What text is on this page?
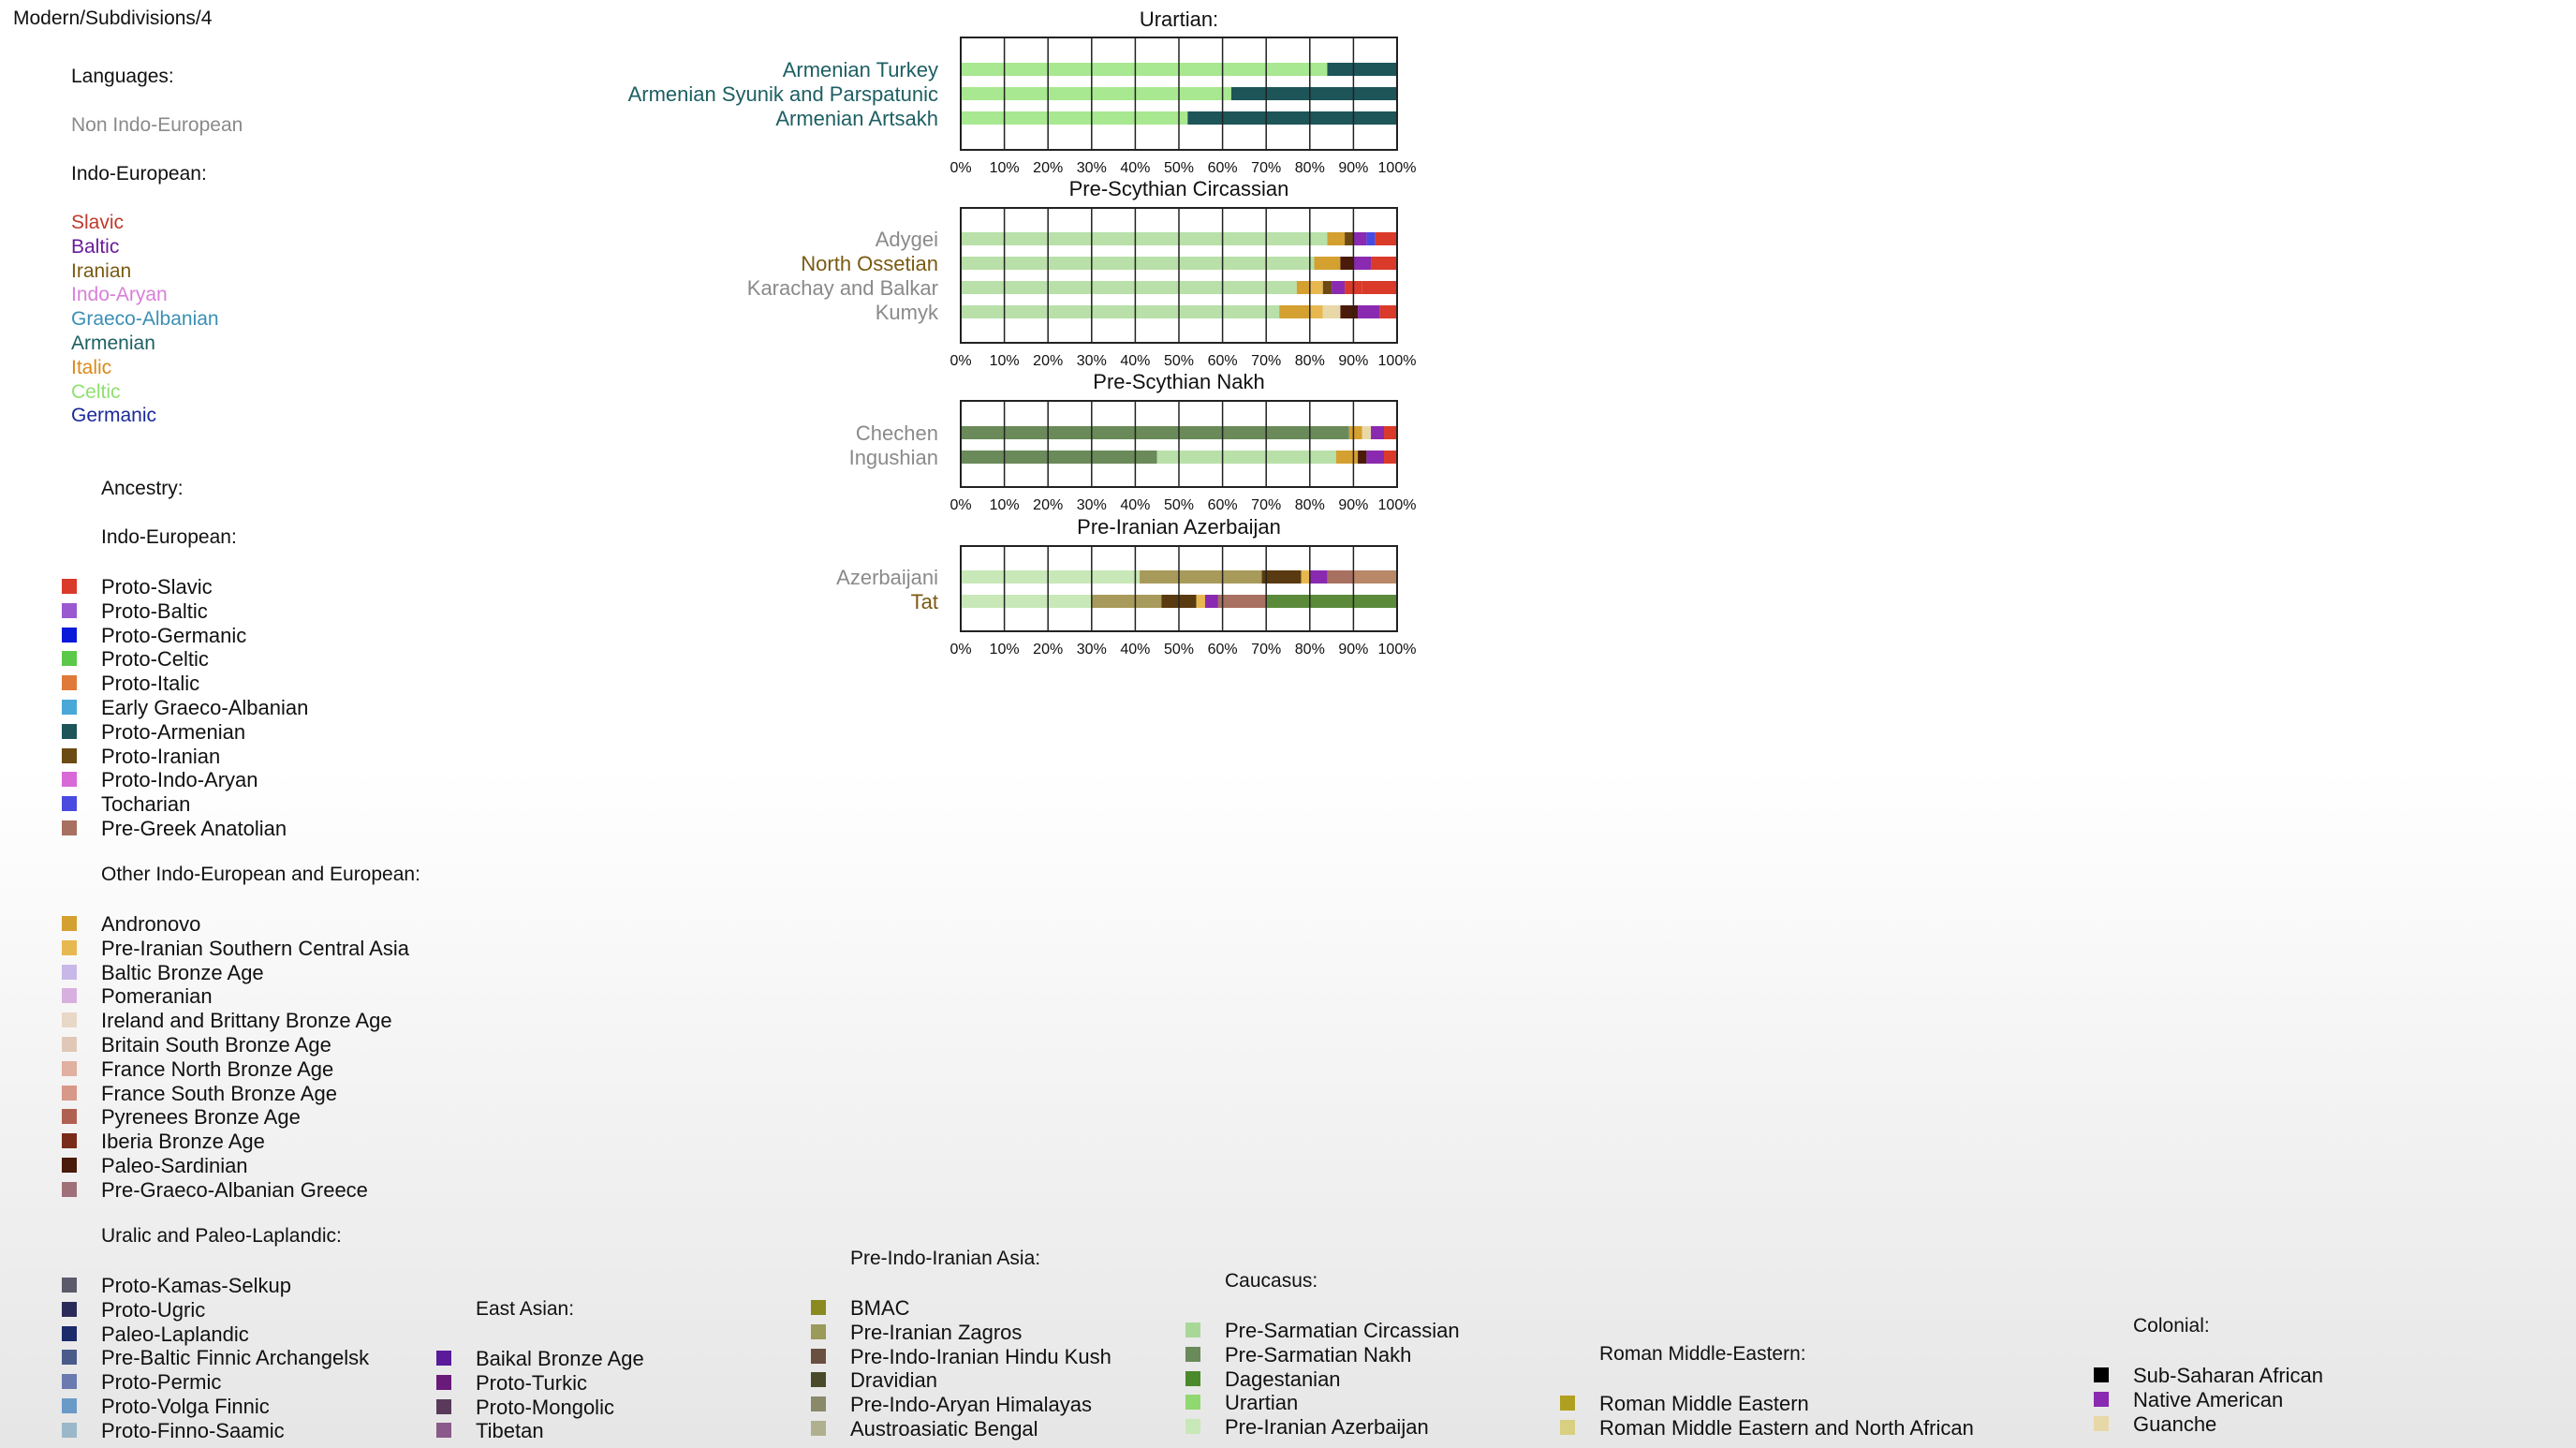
Modern/Subdivisions/4
Languages:
Non Indo-European
Indo-European:
Slavic
Baltic
Iranian
Indo-Aryan
Graeco-Albanian
Armenian
Italic
Celtic
Germanic
Ancestry:
Indo-European:
Other Indo-European and European:
Uralic and Paleo-Laplandic:
East Asian:
Pre-Indo-Iranian Asia:
Caucasus:
Roman Middle-Eastern:
Colonial:
Proto-Slavic
Proto-Baltic
Proto-Germanic
Proto-Celtic
Proto-Italic
Early Graeco-Albanian
Proto-Armenian
Proto-Iranian
Proto-Indo-Aryan
Tocharian
Pre-Greek Anatolian
Andronovo
Pre-Iranian Southern Central Asia
Baltic Bronze Age
Pomeranian
Ireland and Brittany Bronze Age
Britain South Bronze Age
France North Bronze Age
France South Bronze Age
Pyrenees Bronze Age
Iberia Bronze Age
Paleo-Sardinian
Pre-Graeco-Albanian Greece
Proto-Kamas-Selkup
Proto-Ugric
Paleo-Laplandic
Pre-Baltic Finnic Archangelsk
Proto-Permic
Proto-Volga Finnic
Proto-Finno-Saamic
Baikal Bronze Age
Proto-Turkic
Proto-Mongolic
Tibetan
BMAC
Pre-Iranian Zagros
Pre-Indo-Iranian Hindu Kush
Dravidian
Pre-Indo-Aryan Himalayas
Austroasiatic Bengal
Pre-Sarmatian Circassian
Pre-Sarmatian Nakh
Dagestanian
Urartian
Pre-Iranian Azerbaijan
Roman Middle Eastern
Roman Middle Eastern and North African
Sub-Saharan African
Native American
Guanche
Urartian:
Armenian Turkey
Armenian Syunik and Parspatunic
Armenian Artsakh
0% 10% 20% 30% 40% 50% 60% 70% 80% 90% 100%
Pre-Scythian Circassian
Adygei
North Ossetian
Karachay and Balkar
Kumyk
0% 10% 20% 30% 40% 50% 60% 70% 80% 90% 100%
Pre-Scythian Nakh
Chechen
Ingushian
0% 10% 20% 30% 40% 50% 60% 70% 80% 90% 100%
Pre-Iranian Azerbaijan
Azerbaijani
Tat
0% 10% 20% 30% 40% 50% 60% 70% 80% 90% 100%
